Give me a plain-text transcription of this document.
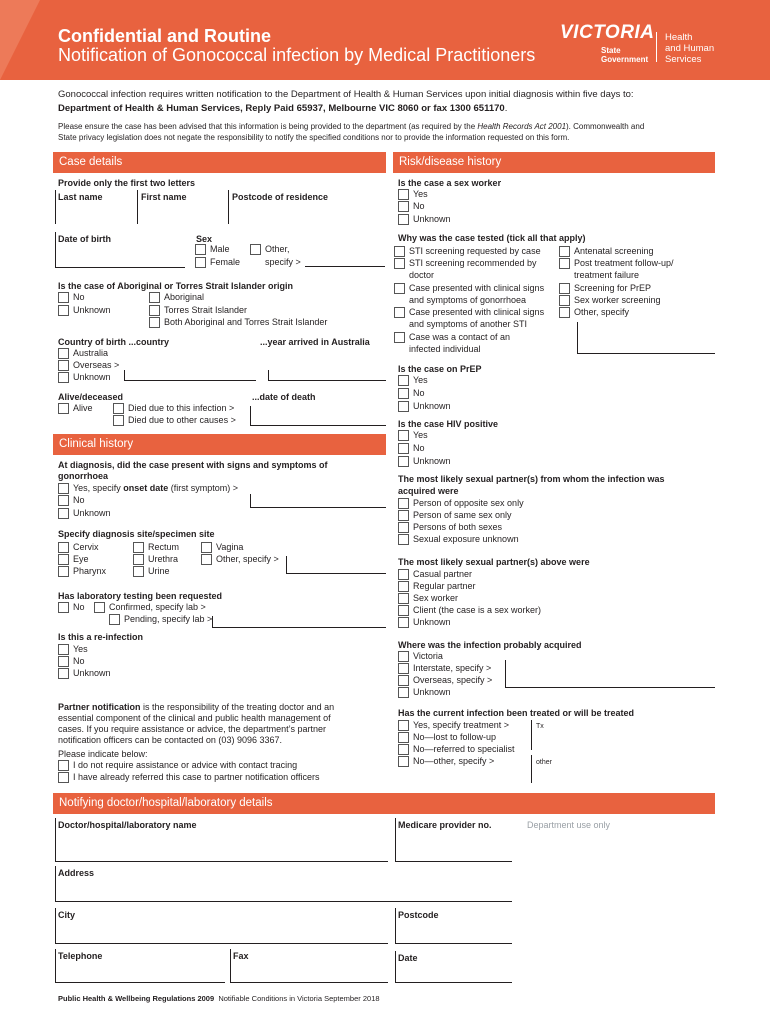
Confidential and Routine
Notification of Gonococcal infection by Medical Practitioners
VICTORIA
State
Government
Health
and Human
Services
Gonococcal infection requires written notification to the Department of Health & Human Services upon initial diagnosis within five days to:
Department of Health & Human Services, Reply Paid 65937, Melbourne VIC 8060 or fax 1300 651170.
Please ensure the case has been advised that this information is being provided to the department (as required by the Health Records Act 2001). Commonwealth and
State privacy legislation does not negate the responsibility to notify the specified conditions nor to provide the information requested on this form.
Case details
Provide only the first two letters
Last name	First name	Postcode of residence
Date of birth	Sex
Male
Female
Other,
specify >
Is the case of Aboriginal or Torres Strait Islander origin
No
Unknown
Aboriginal
Torres Strait Islander
Both Aboriginal and Torres Strait Islander
Country of birth ...country	...year arrived in Australia
Australia
Overseas >
Unknown
Alive/deceased	...date of death
Alive	Died due to this infection >
Died due to other causes >
Clinical history
At diagnosis, did the case present with signs and symptoms of
gonorrhoea
Yes, specify onset date (first symptom) >
No
Unknown
Specify diagnosis site/specimen site
Cervix
Eye
Pharynx
Rectum
Urethra
Urine
Vagina
Other, specify >
Has laboratory testing been requested
No	Confirmed, specify lab >
Pending, specify lab >
Is this a re-infection
Yes
No
Unknown
Partner notification is the responsibility of the treating doctor and an
essential component of the clinical and public health management of
cases. If you require assistance or advice, the department’s partner
notification officers can be contacted on (03) 9096 3367.
Please indicate below:
I do not require assistance or advice with contact tracing
I have already referred this case to partner notification officers
Risk/disease history
Is the case a sex worker
Yes
No
Unknown
Why was the case tested (tick all that apply)
STI screening requested by case
STI screening recommended by
doctor
Case presented with clinical signs
and symptoms of gonorrhoea
Case presented with clinical signs
and symptoms of another STI
Case was a contact of an
infected individual
Antenatal screening
Post treatment follow-up/
treatment failure
Screening for PrEP
Sex worker screening
Other, specify
Is the case on PrEP
Yes
No
Unknown
Is the case HIV positive
Yes
No
Unknown
The most likely sexual partner(s) from whom the infection was
acquired were
Person of opposite sex only
Person of same sex only
Persons of both sexes
Sexual exposure unknown
The most likely sexual partner(s) above were
Casual partner
Regular partner
Sex worker
Client (the case is a sex worker)
Unknown
Where was the infection probably acquired
Victoria
Interstate, specify >
Overseas, specify >
Unknown
Has the current infection been treated or will be treated
Yes, specify treatment >
No—lost to follow-up
No—referred to specialist
No—other, specify >
Tx
other
Notifying doctor/hospital/laboratory details
Doctor/hospital/laboratory name	Medicare provider no.	Department use only
Address
City	Postcode
Telephone	Fax	Date
Public Health & Wellbeing Regulations 2009 Notifiable Conditions in Victoria September 2018
